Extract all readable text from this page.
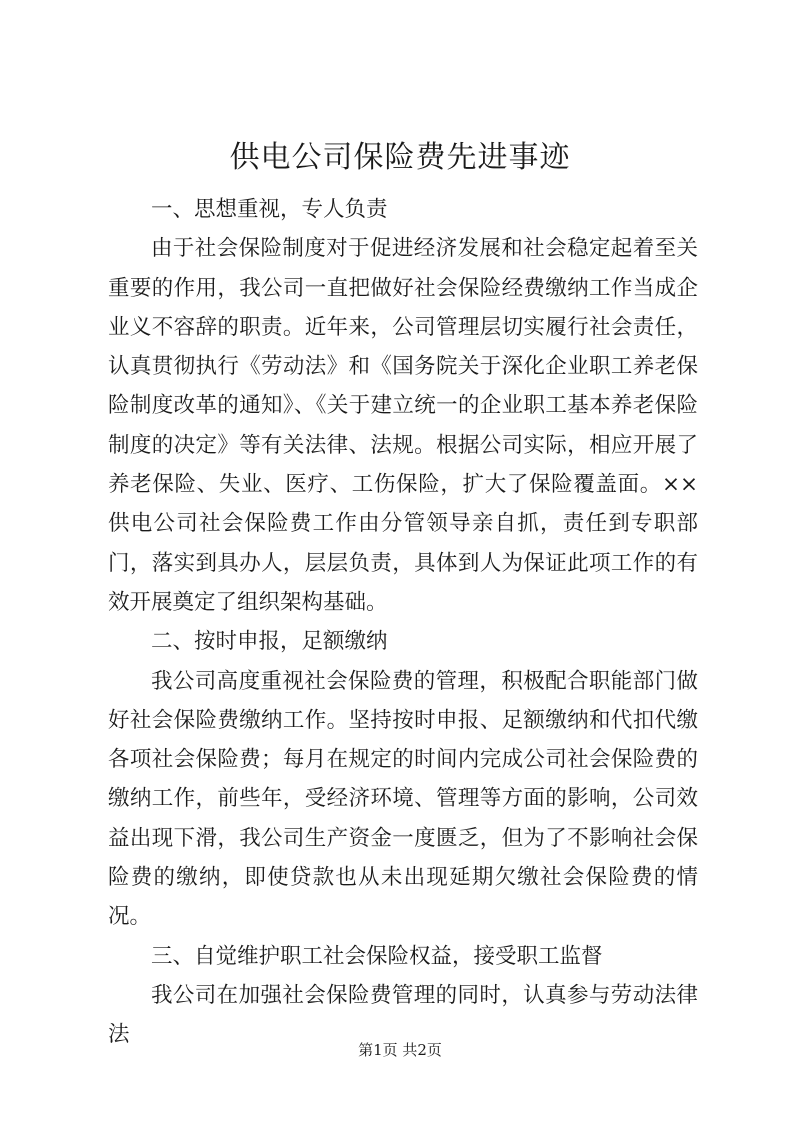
供电公司保险费先进事迹

一、思想重视，专人负责

由于社会保险制度对于促进经济发展和社会稳定起着至关重要的作用，我公司一直把做好社会保险经费缴纳工作当成企业义不容辞的职责。近年来，公司管理层切实履行社会责任，认真贯彻执行《劳动法》和《国务院关于深化企业职工养老保险制度改革的通知》、《关于建立统一的企业职工基本养老保险制度的决定》等有关法律、法规。根据公司实际，相应开展了养老保险、失业、医疗、工伤保险，扩大了保险覆盖面。××供电公司社会保险费工作由分管领导亲自抓，责任到专职部门，落实到具办人，层层负责，具体到人为保证此项工作的有效开展奠定了组织架构基础。

二、按时申报，足额缴纳

我公司高度重视社会保险费的管理，积极配合职能部门做好社会保险费缴纳工作。坚持按时申报、足额缴纳和代扣代缴各项社会保险费；每月在规定的时间内完成公司社会保险费的缴纳工作，前些年，受经济环境、管理等方面的影响，公司效益出现下滑，我公司生产资金一度匮乏，但为了不影响社会保险费的缴纳，即使贷款也从未出现延期欠缴社会保险费的情况。

三、自觉维护职工社会保险权益，接受职工监督

我公司在加强社会保险费管理的同时，认真参与劳动法律法

第1页 共2页
